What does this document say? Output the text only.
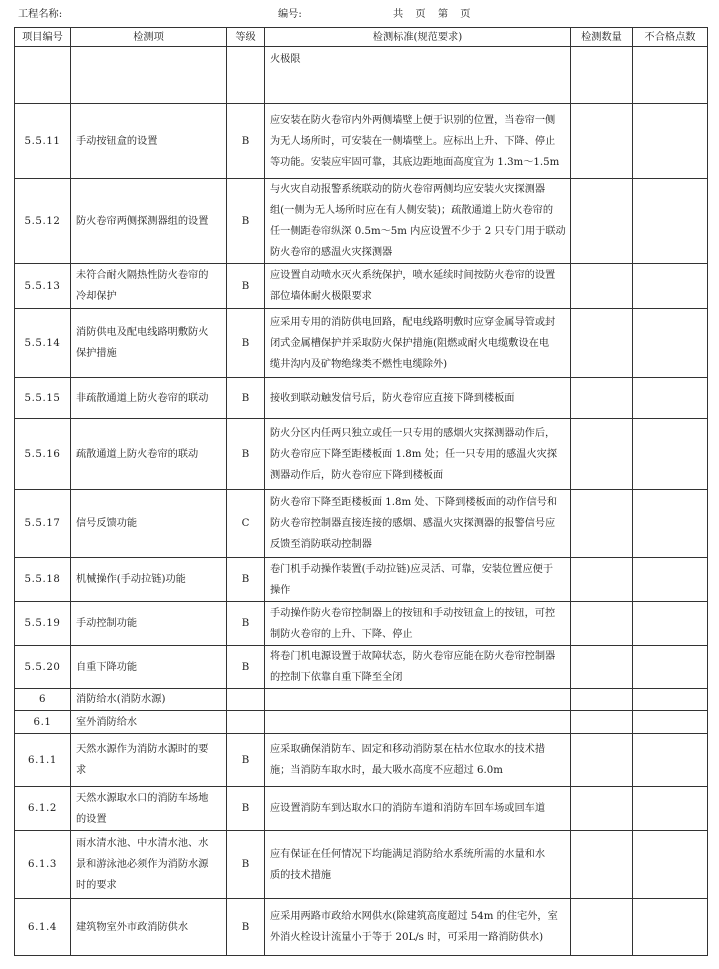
工程名称:	编号:	共 页 第 页
项目编号	检测项	等级	检测标准(规范要求)	检测数量	不合格点数

			火极限		

5.5.11	手动按钮盒的设置	B	应安装在防火卷帘内外两侧墙壁上便于识别的位置，当卷帘一侧
为无人场所时，可安装在一侧墙壁上。应标出上升、下降、停止
等功能。安装应牢固可靠，其底边距地面高度宜为 1.3m～1.5m		

5.5.12	防火卷帘两侧探测器组的设置	B	与火灾自动报警系统联动的防火卷帘两侧均应安装火灾探测器
组(一侧为无人场所时应在有人侧安装)；疏散通道上防火卷帘的
任一侧距卷帘纵深 0.5m～5m 内应设置不少于 2 只专门用于联动
防火卷帘的感温火灾探测器		

5.5.13	未符合耐火隔热性防火卷帘的
冷却保护	B	应设置自动喷水灭火系统保护，喷水延续时间按防火卷帘的设置
部位墙体耐火极限要求		

5.5.14	消防供电及配电线路明敷防火
保护措施	B	应采用专用的消防供电回路，配电线路明敷时应穿金属导管或封
闭式金属槽保护并采取防火保护措施(阻燃或耐火电缆敷设在电
缆井沟内及矿物绝缘类不燃性电缆除外)		

5.5.15	非疏散通道上防火卷帘的联动	B	接收到联动触发信号后，防火卷帘应直接下降到楼板面		

5.5.16	疏散通道上防火卷帘的联动	B	防火分区内任两只独立或任一只专用的感烟火灾探测器动作后，
防火卷帘应下降至距楼板面 1.8m 处；任一只专用的感温火灾探
测器动作后，防火卷帘应下降到楼板面		

5.5.17	信号反馈功能	C	防火卷帘下降至距楼板面 1.8m 处、下降到楼板面的动作信号和
防火卷帘控制器直接连接的感烟、感温火灾探测器的报警信号应
反馈至消防联动控制器		

5.5.18	机械操作(手动拉链)功能	B	卷门机手动操作装置(手动拉链)应灵活、可靠，安装位置应便于
操作		

5.5.19	手动控制功能	B	手动操作防火卷帘控制器上的按钮和手动按钮盒上的按钮，可控
制防火卷帘的上升、下降、停止		

5.5.20	自重下降功能	B	将卷门机电源设置于故障状态，防火卷帘应能在防火卷帘控制器
的控制下依靠自重下降至全闭		

6	消防给水(消防水源)				

6.1	室外消防给水				

6.1.1	天然水源作为消防水源时的要
求	B	应采取确保消防车、固定和移动消防泵在枯水位取水的技术措
施；当消防车取水时，最大吸水高度不应超过 6.0m		

6.1.2	天然水源取水口的消防车场地
的设置	B	应设置消防车到达取水口的消防车道和消防车回车场或回车道		

6.1.3	雨水清水池、中水清水池、水
景和游泳池必须作为消防水源
时的要求	B	应有保证在任何情况下均能满足消防给水系统所需的水量和水
质的技术措施		

6.1.4	建筑物室外市政消防供水	B	应采用两路市政给水网供水(除建筑高度超过 54m 的住宅外，室
外消火栓设计流量小于等于 20L/s 时，可采用一路消防供水)		
